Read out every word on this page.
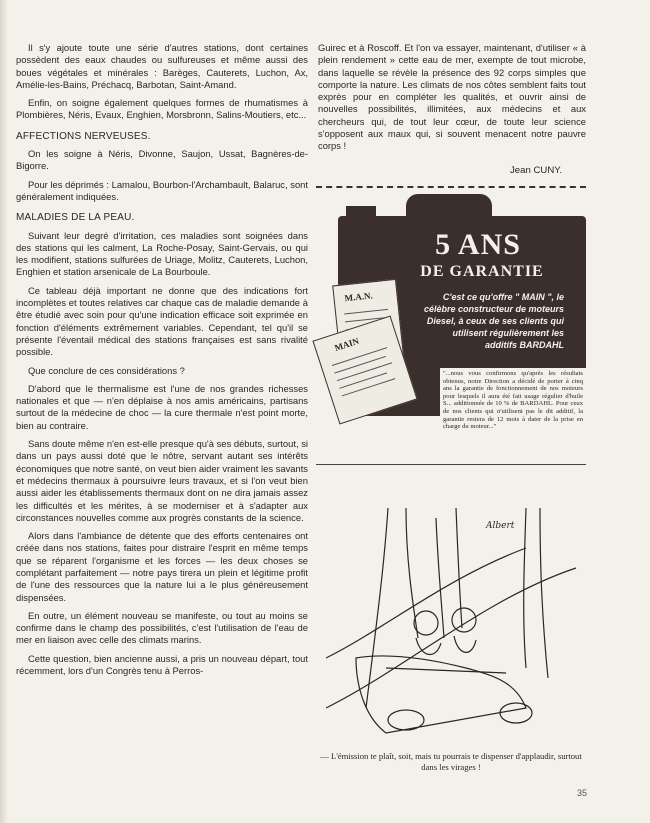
Il s'y ajoute toute une série d'autres stations, dont certaines possèdent des eaux chaudes ou sulfureuses et même aussi des boues végétales et minérales : Barèges, Cauterets, Luchon, Ax, Amélie-les-Bains, Préchacq, Barbotan, Saint-Amand.

Enfin, on soigne également quelques formes de rhumatismes à Plombières, Néris, Evaux, Enghien, Morsbronn, Salins-Moutiers, etc...

AFFECTIONS NERVEUSES.

On les soigne à Néris, Divonne, Saujon, Ussat, Bagnères-de-Bigorre.

Pour les déprimés : Lamalou, Bourbon-l'Archambault, Balaruc, sont généralement indiquées.

MALADIES DE LA PEAU.

Suivant leur degré d'irritation, ces maladies sont soignées dans des stations qui les calment, La Roche-Posay, Saint-Gervais, ou qui les modifient, stations sulfurées de Uriage, Molitz, Cauterets, Luchon, Enghien et station arsenicale de La Bourboule.

Ce tableau déjà important ne donne que des indications fort incomplètes et toutes relatives car chaque cas de maladie demande à être étudié avec soin pour qu'une indication efficace soit exprimée en fonction d'éléments extrêmement variables. Cependant, tel qu'il se présente l'éventail médical des stations françaises est sans rivalité possible.

Que conclure de ces considérations ?

D'abord que le thermalisme est l'une de nos grandes richesses nationales et que — n'en déplaise à nos amis américains, partisans surtout de la médecine de choc — la cure thermale n'est point morte, bien au contraire.

Sans doute même n'en est-elle presque qu'à ses débuts, surtout, si dans un pays aussi doté que le nôtre, servant autant ses intérêts économiques que notre santé, on veut bien aider vraiment les savants et médecins thermaux à poursuivre leurs travaux, et si l'on veut bien aussi aider les établissements thermaux dont on ne dira jamais assez les difficultés et les mérites, à se moderniser et à s'adapter aux circonstances nouvelles comme aux progrès constants de la science.

Alors dans l'ambiance de détente que des efforts centenaires ont créée dans nos stations, faites pour distraire l'esprit en même temps que se réparent l'organisme et les forces — les deux choses se complétant parfaitement — notre pays tirera un plein et légitime profit de l'une des ressources que la nature lui a le plus généreusement dispensées.

En outre, un élément nouveau se manifeste, ou tout au moins se confirme dans le champ des possibilités, c'est l'utilisation de l'eau de mer en liaison avec celle des climats marins.

Cette question, bien ancienne aussi, a pris un nouveau départ, tout récemment, lors d'un Congrès tenu à Perros-

Guirec et à Roscoff. Et l'on va essayer, maintenant, d'utiliser « à plein rendement » cette eau de mer, exempte de tout microbe, dans laquelle se révèle la présence des 92 corps simples que comporte la nature. Les climats de nos côtes semblent faits tout exprès pour en compléter les qualités, et ouvrir ainsi de nouvelles possibilités, illimitées, aux médecins et aux chercheurs qui, de tout leur cœur, de toute leur science s'opposent aux maux qui, si souvent menacent notre pauvre corps !

Jean CUNY.
5 ANS
DE GARANTIE
C'est ce qu'offre " MAIN ", le célèbre constructeur de moteurs Diesel, à ceux de ses clients qui utilisent régulièrement les additifs BARDAHL
M.A.N.
MAIN
"...nous vous confirmons qu'après les résultats obtenus, notre Direction a décidé de porter à cinq ans la garantie de fonctionnement de nos moteurs pour lesquels il aura été fait usage régulier d'huile S... additionnée de 10 % de BARDAHL. Pour ceux de nos clients qui n'utilisent pas le dit additif, la garantie restera de 12 mois à dater de la prise en charge du moteur..."
Albert
— L'émission te plaît, soit, mais tu pourrais te dispenser d'applaudir, surtout dans les virages !
35
